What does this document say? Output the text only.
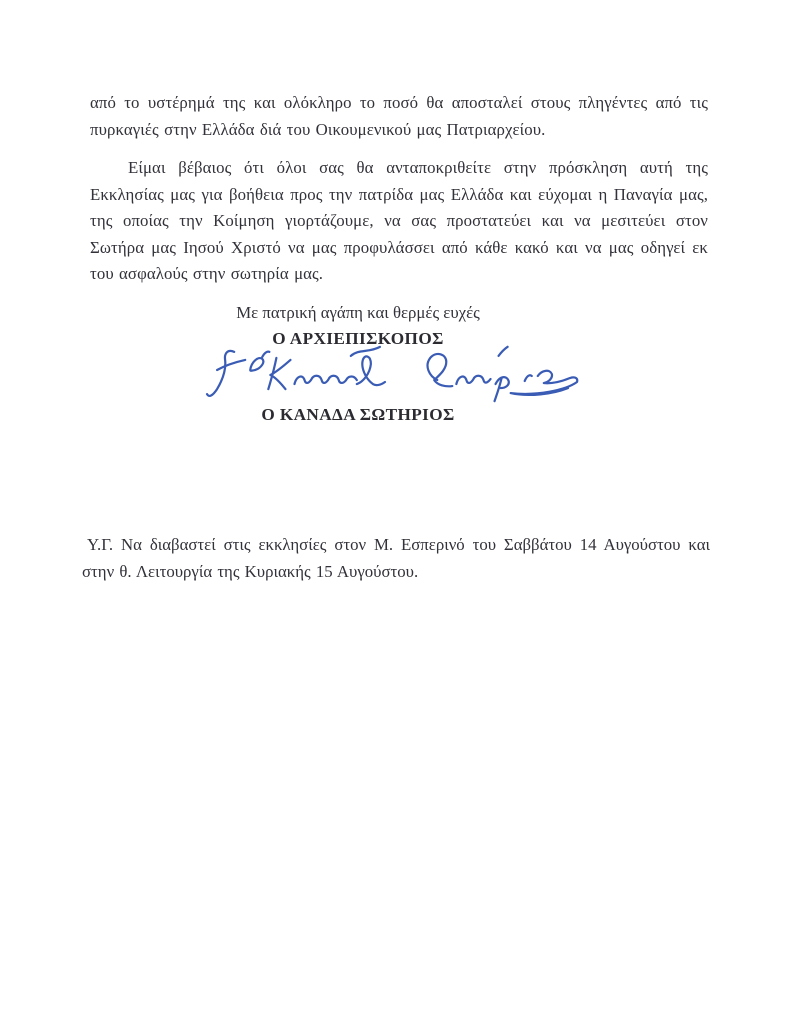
από το υστέρημά της και ολόκληρο το ποσό θα αποσταλεί στους πληγέντες από τις πυρκαγιές στην Ελλάδα διά του Οικουμενικού μας Πατριαρχείου.

Είμαι βέβαιος ότι όλοι σας θα ανταποκριθείτε στην πρόσκληση αυτή της Εκκλησίας μας για βοήθεια προς την πατρίδα μας Ελλάδα και εύχομαι η Παναγία μας, της οποίας την Κοίμηση γιορτάζουμε, να σας προστατεύει και να μεσιτεύει στον Σωτήρα μας Ιησού Χριστό να μας προφυλάσσει από κάθε κακό και να μας οδηγεί εκ του ασφαλούς στην σωτηρία μας.

Με πατρική αγάπη και θερμές ευχές
Ο ΑΡΧΙΕΠΙΣΚΟΠΟΣ
Ο ΚΑΝΑΔΑ ΣΩΤΗΡΙΟΣ

Υ.Γ. Να διαβαστεί στις εκκλησίες στον Μ. Εσπερινό του Σαββάτου 14 Αυγούστου και στην θ. Λειτουργία της Κυριακής 15 Αυγούστου.
